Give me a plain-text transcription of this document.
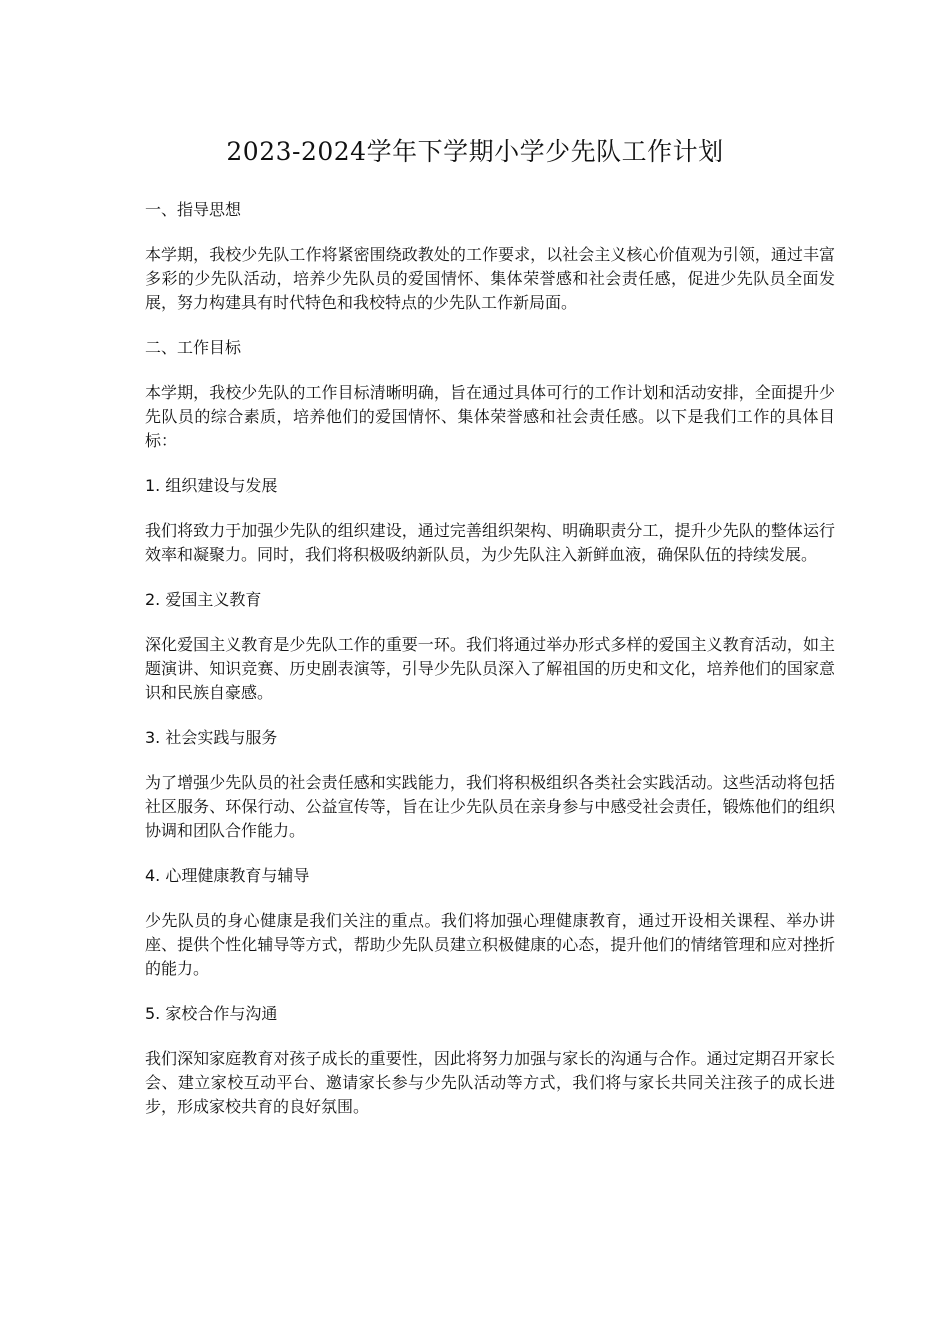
2023-2024学年下学期小学少先队工作计划

一、指导思想

本学期，我校少先队工作将紧密围绕政教处的工作要求，以社会主义核心价值观为引领，通过丰富多彩的少先队活动，培养少先队员的爱国情怀、集体荣誉感和社会责任感，促进少先队员全面发展，努力构建具有时代特色和我校特点的少先队工作新局面。

二、工作目标

本学期，我校少先队的工作目标清晰明确，旨在通过具体可行的工作计划和活动安排，全面提升少先队员的综合素质，培养他们的爱国情怀、集体荣誉感和社会责任感。以下是我们工作的具体目标：

1. 组织建设与发展

我们将致力于加强少先队的组织建设，通过完善组织架构、明确职责分工，提升少先队的整体运行效率和凝聚力。同时，我们将积极吸纳新队员，为少先队注入新鲜血液，确保队伍的持续发展。

2. 爱国主义教育

深化爱国主义教育是少先队工作的重要一环。我们将通过举办形式多样的爱国主义教育活动，如主题演讲、知识竞赛、历史剧表演等，引导少先队员深入了解祖国的历史和文化，培养他们的国家意识和民族自豪感。

3. 社会实践与服务

为了增强少先队员的社会责任感和实践能力，我们将积极组织各类社会实践活动。这些活动将包括社区服务、环保行动、公益宣传等，旨在让少先队员在亲身参与中感受社会责任，锻炼他们的组织协调和团队合作能力。

4. 心理健康教育与辅导

少先队员的身心健康是我们关注的重点。我们将加强心理健康教育，通过开设相关课程、举办讲座、提供个性化辅导等方式，帮助少先队员建立积极健康的心态，提升他们的情绪管理和应对挫折的能力。

5. 家校合作与沟通

我们深知家庭教育对孩子成长的重要性，因此将努力加强与家长的沟通与合作。通过定期召开家长会、建立家校互动平台、邀请家长参与少先队活动等方式，我们将与家长共同关注孩子的成长进步，形成家校共育的良好氛围。
